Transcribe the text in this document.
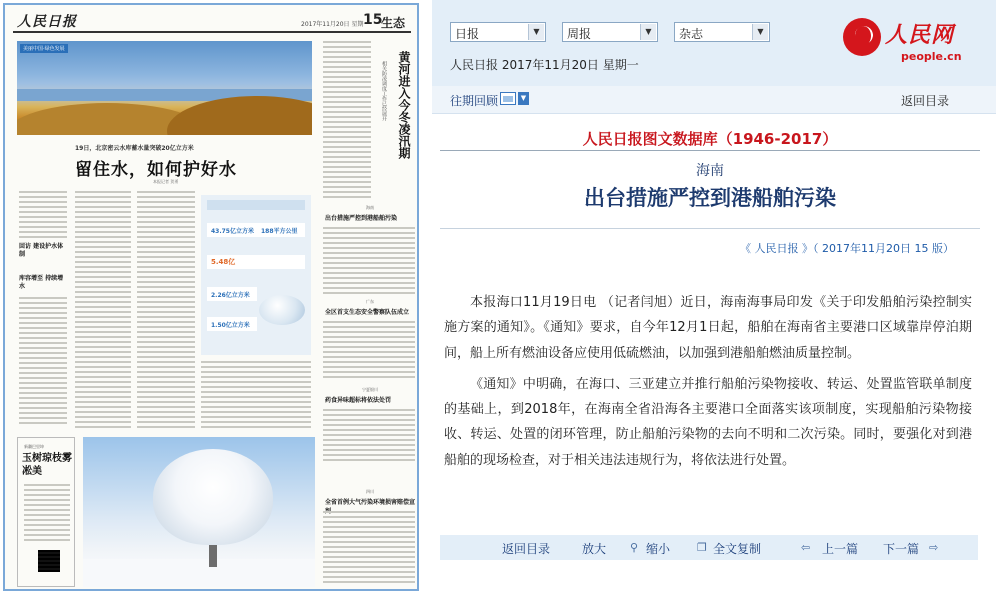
人民日报	2017年11月20日 星期一
15
生态
美丽中国·绿色发展
19日，北京密云水库蓄水量突破20亿立方米
留住水，如何护好水
本报记者 贺勇
黄河进入今冬凌汛期
相关防凌调度工作已经展开
回访 建设护水体制
库容增至 持续增水
43.75亿立方米 188平方公里
5.48亿
2.26亿立方米
1.50亿立方米
海南
出台措施严控到港船舶污染
广东
全区首支生态安全警察队伍成立
宁夏银川
药食异味超标将依法处罚
四川
全省首例大气污染环境损害赔偿宣
新疆巴里坤
玉树琼枝雾凇美
日报	▼	周报	▼	杂志	▼
人民日报 2017年11月20日 星期一
人民网
people.cn
往期回顾	▼	返回目录
人民日报图文数据库（1946-2017）
海南
出台措施严控到港船舶污染
《 人民日报 》（ 2017年11月20日 15 版）

本报海口11月19日电 （记者闫旭）近日，海南海事局印发《关于印发船舶污染控制实施方案的通知》。《通知》要求，自今年12月1日起，船舶在海南省主要港口区域靠岸停泊期间，船上所有燃油设备应使用低硫燃油，以加强到港船舶燃油质量控制。

《通知》中明确，在海口、三亚建立并推行船舶污染物接收、转运、处置监管联单制度的基础上，到2018年，在海南全省沿海各主要港口全面落实该项制度，实现船舶污染物接收、转运、处置的闭环管理，防止船舶污染物的去向不明和二次污染。同时，要强化对到港船舶的现场检查，对于相关违法违规行为，将依法进行处置。

返回目录	放大 ⚲ 缩小 ❐ 全文复制	⇦ 上一篇 下一篇 ⇨
